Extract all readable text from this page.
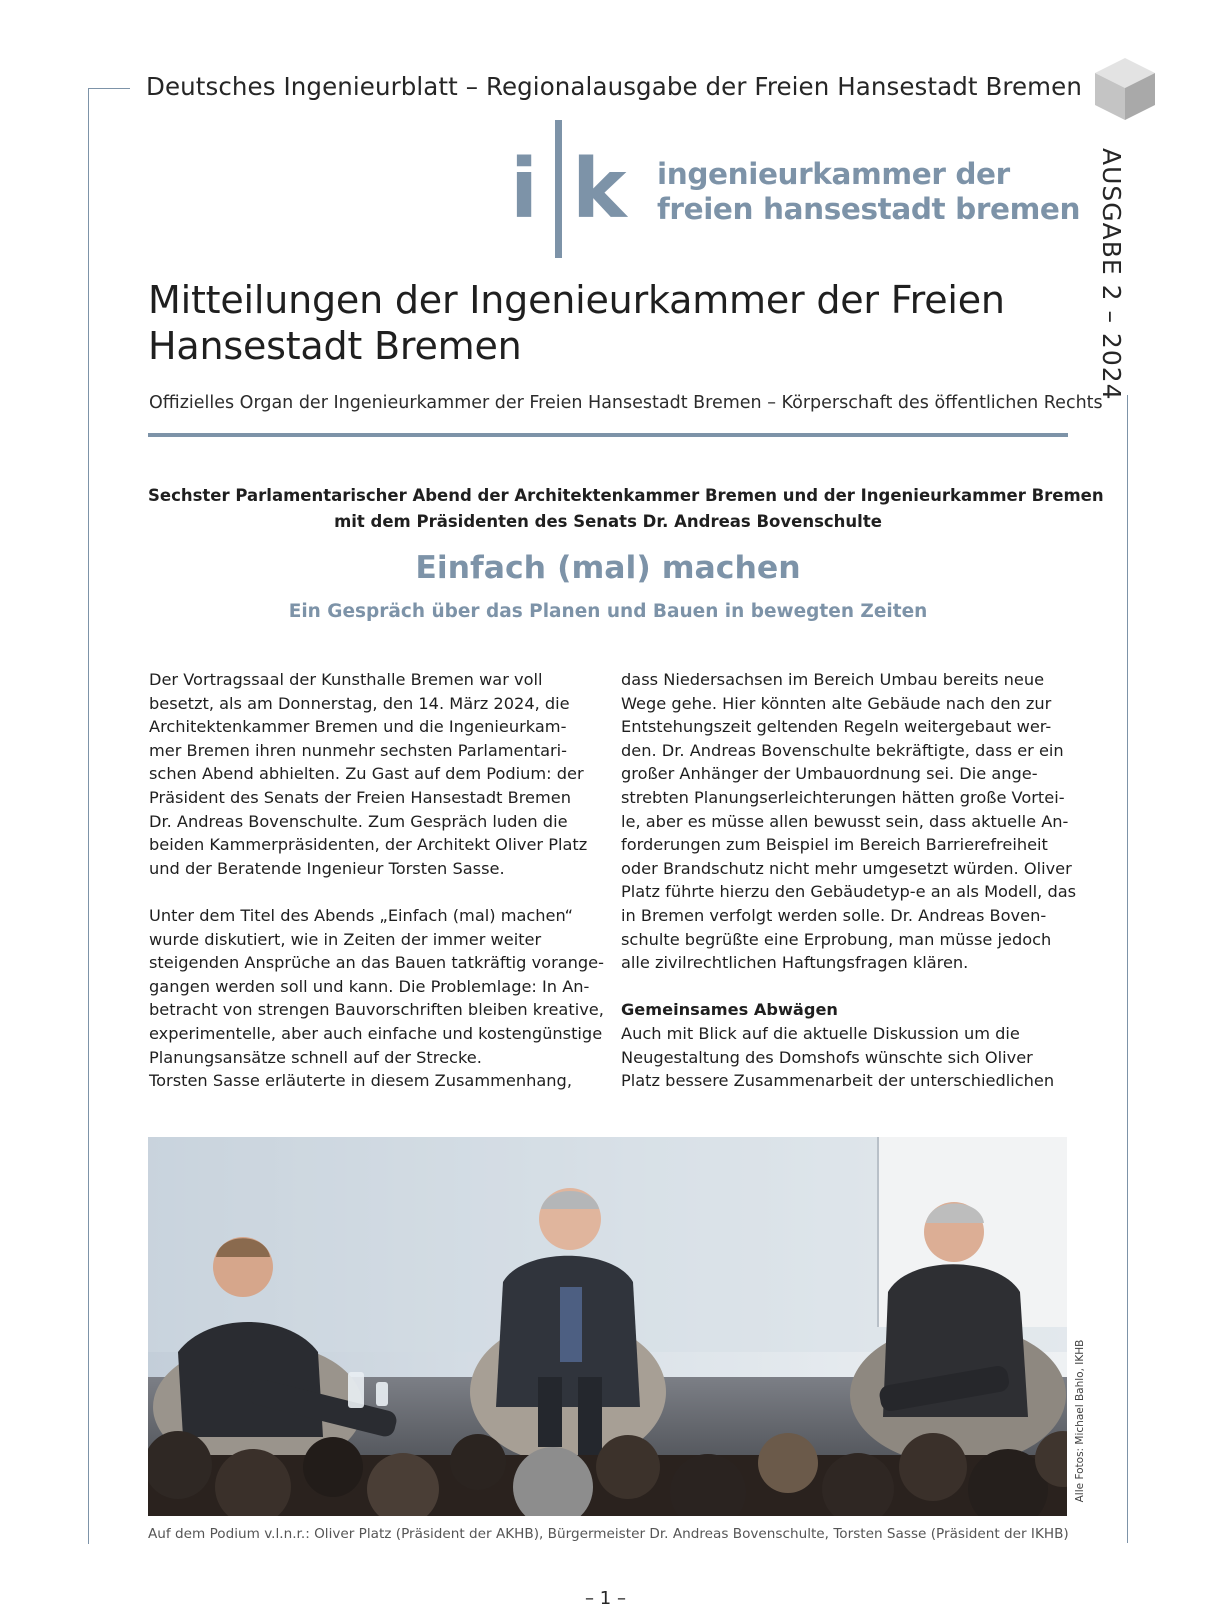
Deutsches Ingenieurblatt – Regionalausgabe der Freien Hansestadt Bremen
AUSGABE 2 – 2024
i k ingenieurkammer der
freien hansestadt bremen
Mitteilungen der Ingenieurkammer der Freien Hansestadt Bremen
Offizielles Organ der Ingenieurkammer der Freien Hansestadt Bremen – Körperschaft des öffentlichen Rechts
Sechster Parlamentarischer Abend der Architektenkammer Bremen und der Ingenieurkammer Bremen
mit dem Präsidenten des Senats Dr. Andreas Bovenschulte
Einfach (mal) machen
Ein Gespräch über das Planen und Bauen in bewegten Zeiten
Der Vortragssaal der Kunsthalle Bremen war voll
besetzt, als am Donnerstag, den 14. März 2024, die
Architektenkammer Bremen und die Ingenieurkam-
mer Bremen ihren nunmehr sechsten Parlamentari-
schen Abend abhielten. Zu Gast auf dem Podium: der
Präsident des Senats der Freien Hansestadt Bremen
Dr. Andreas Bovenschulte. Zum Gespräch luden die
beiden Kammerpräsidenten, der Architekt Oliver Platz
und der Beratende Ingenieur Torsten Sasse.
Unter dem Titel des Abends „Einfach (mal) machen“
wurde diskutiert, wie in Zeiten der immer weiter
steigenden Ansprüche an das Bauen tatkräftig vorange-
gangen werden soll und kann. Die Problemlage: In An-
betracht von strengen Bauvorschriften bleiben kreative,
experimentelle, aber auch einfache und kostengünstige
Planungsansätze schnell auf der Strecke.
Torsten Sasse erläuterte in diesem Zusammenhang,
dass Niedersachsen im Bereich Umbau bereits neue
Wege gehe. Hier könnten alte Gebäude nach den zur
Entstehungszeit geltenden Regeln weitergebaut wer-
den. Dr. Andreas Bovenschulte bekräftigte, dass er ein
großer Anhänger der Umbauordnung sei. Die ange-
strebten Planungserleichterungen hätten große Vortei-
le, aber es müsse allen bewusst sein, dass aktuelle An-
forderungen zum Beispiel im Bereich Barrierefreiheit
oder Brandschutz nicht mehr umgesetzt würden. Oliver
Platz führte hierzu den Gebäudetyp-e an als Modell, das
in Bremen verfolgt werden solle. Dr. Andreas Boven-
schulte begrüßte eine Erprobung, man müsse jedoch
alle zivilrechtlichen Haftungsfragen klären.
Gemeinsames Abwägen
Auch mit Blick auf die aktuelle Diskussion um die
Neugestaltung des Domshofs wünschte sich Oliver
Platz bessere Zusammenarbeit der unterschiedlichen
Alle Fotos: Michael Bahlo, IKHB
Auf dem Podium v.l.n.r.: Oliver Platz (Präsident der AKHB), Bürgermeister Dr. Andreas Bovenschulte, Torsten Sasse (Präsident der IKHB)
– 1 –
